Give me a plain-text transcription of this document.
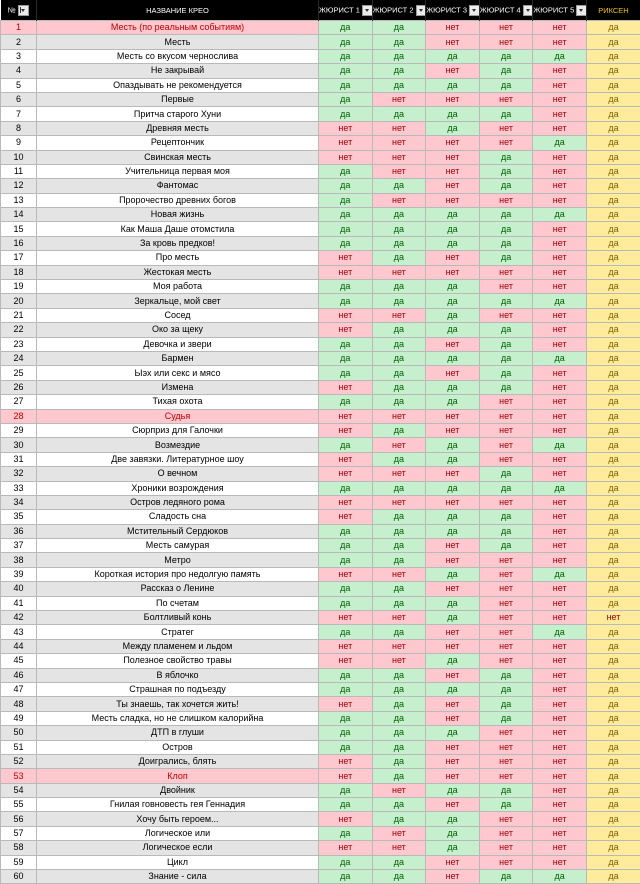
№	НАЗВАНИЕ КРЕО	ЖЮРИСТ 1	ЖЮРИСТ 2	ЖЮРИСТ 3	ЖЮРИСТ 4	ЖЮРИСТ 5	РИКСЕН
1	Месть (по реальным событиям)	да	да	нет	нет	нет	да
2	Месть	да	да	нет	нет	нет	да
3	Месть со вкусом чернослива	да	да	да	да	да	да
4	Не закрывай	да	да	нет	да	нет	да
5	Опаздывать не рекомендуется	да	да	да	да	нет	да
6	Первые	да	нет	нет	нет	нет	да
7	Притча старого Хуни	да	да	да	да	нет	да
8	Древняя месть	нет	нет	да	нет	нет	да
9	Рецептончик	нет	нет	нет	нет	да	да
10	Свинская месть	нет	нет	нет	да	нет	да
11	Учительница первая моя	да	нет	нет	да	нет	да
12	Фантомас	да	да	нет	да	нет	да
13	Пророчество древних богов	да	нет	нет	нет	нет	да
14	Новая жизнь	да	да	да	да	да	да
15	Как Маша Даше отомстила	да	да	да	да	нет	да
16	За кровь предков!	да	да	да	да	нет	да
17	Про месть	нет	да	нет	да	нет	да
18	Жестокая месть	нет	нет	нет	нет	нет	да
19	Моя работа	да	да	да	нет	нет	да
20	Зеркальце, мой свет	да	да	да	да	да	да
21	Сосед	нет	нет	да	нет	нет	да
22	Око за щеку	нет	да	да	да	нет	да
23	Девочка и звери	да	да	нет	да	нет	да
24	Бармен	да	да	да	да	да	да
25	Ыэх или секс и мясо	да	да	нет	да	нет	да
26	Измена	нет	да	да	да	нет	да
27	Тихая охота	да	да	да	нет	нет	да
28	Судья	нет	нет	нет	нет	нет	да
29	Сюрприз для Галочки	нет	да	нет	нет	нет	да
30	Возмездие	да	нет	да	нет	да	да
31	Две завязки. Литературное шоу	нет	да	да	нет	нет	да
32	О вечном	нет	нет	нет	да	нет	да
33	Хроники возрождения	да	да	да	да	да	да
34	Остров ледяного рома	нет	нет	нет	нет	нет	да
35	Сладость сна	нет	да	да	да	нет	да
36	Мстительный Сердюков	да	да	да	да	нет	да
37	Месть самурая	да	да	нет	да	нет	да
38	Метро	да	да	нет	нет	нет	да
39	Короткая история про недолгую память	нет	нет	да	нет	да	да
40	Рассказ о Ленине	да	да	нет	нет	нет	да
41	По счетам	да	да	да	нет	нет	да
42	Болтливый конь	нет	нет	да	нет	нет	нет
43	Стратег	да	да	нет	нет	да	да
44	Между пламенем и льдом	нет	нет	нет	нет	нет	да
45	Полезное свойство травы	нет	нет	да	нет	нет	да
46	В яблочко	да	да	нет	да	нет	да
47	Страшная по подъезду	да	да	да	да	нет	да
48	Ты знаешь, так хочется жить!	нет	да	нет	да	нет	да
49	Месть сладка, но не слишком калорийна	да	да	нет	да	нет	да
50	ДТП в глуши	да	да	да	нет	нет	да
51	Остров	да	да	нет	нет	нет	да
52	Доигрались, блять	нет	да	нет	нет	нет	да
53	Клоп	нет	да	нет	нет	нет	да
54	Двойник	да	нет	да	да	нет	да
55	Гнилая говновесть гея Геннадия	да	да	нет	да	нет	да
56	Хочу быть героем...	нет	да	да	нет	нет	да
57	Логическое или	да	нет	да	нет	нет	да
58	Логическое если	нет	нет	да	нет	нет	да
59	Цикл	да	да	нет	нет	нет	да
60	Знание - сила	да	да	нет	да	да	да
